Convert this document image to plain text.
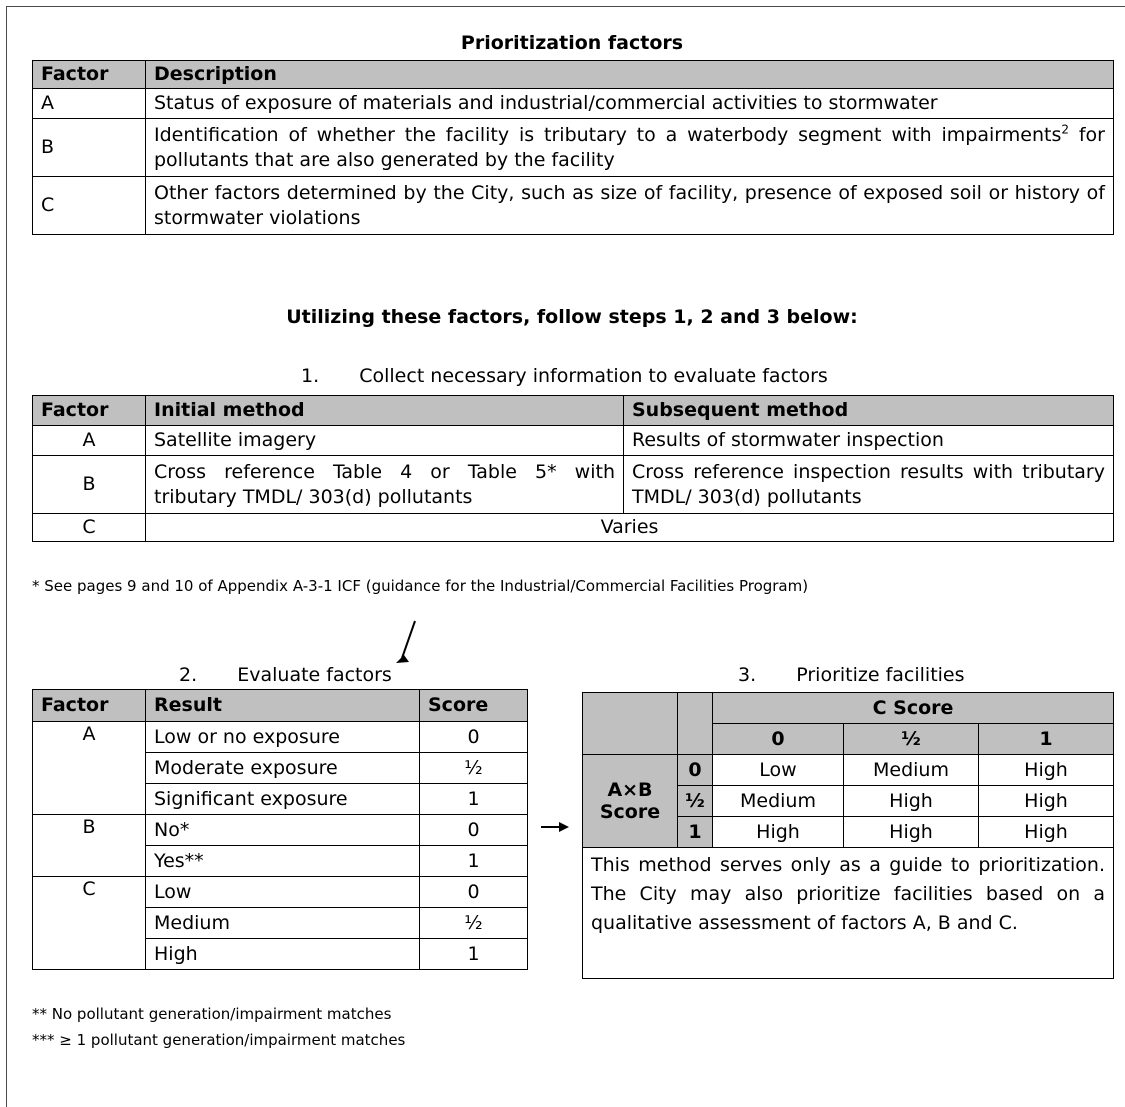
Prioritization factors
Factor	Description
A	Status of exposure of materials and industrial/commercial activities to stormwater
B	Identification of whether the facility is tributary to a waterbody segment with impairments$^2$ for pollutants that are also generated by the facility
C	Other factors determined by the City, such as size of facility, presence of exposed soil or history of stormwater violations
Utilizing these factors, follow steps 1, 2 and 3 below:
1. Collect necessary information to evaluate factors
Factor	Initial method	Subsequent method
A	Satellite imagery	Results of stormwater inspection
B	Cross reference Table 4 or Table 5* with tributary TMDL/ 303(d) pollutants	Cross reference inspection results with tributary TMDL/ 303(d) pollutants
C	Varies	
* See pages 9 and 10 of Appendix A-3-1 ICF (guidance for the Industrial/Commercial Facilities Program)
2. Evaluate factors
Factor	Result	Score
A	Low or no exposure	0
	Moderate exposure	½
	Significant exposure	1
B	No*	0
	Yes**	1
C	Low	0
	Medium	½
	High	1
** No pollutant generation/impairment matches
*** ≥ 1 pollutant generation/impairment matches
3. Prioritize facilities
		C Score		
		0	½	1
A×B Score	0	Low	Medium	High
	½	Medium	High	High
	1	High	High	High
This method serves only as a guide to prioritization. The City may also prioritize facilities based on a qualitative assessment of factors A, B and C.				
